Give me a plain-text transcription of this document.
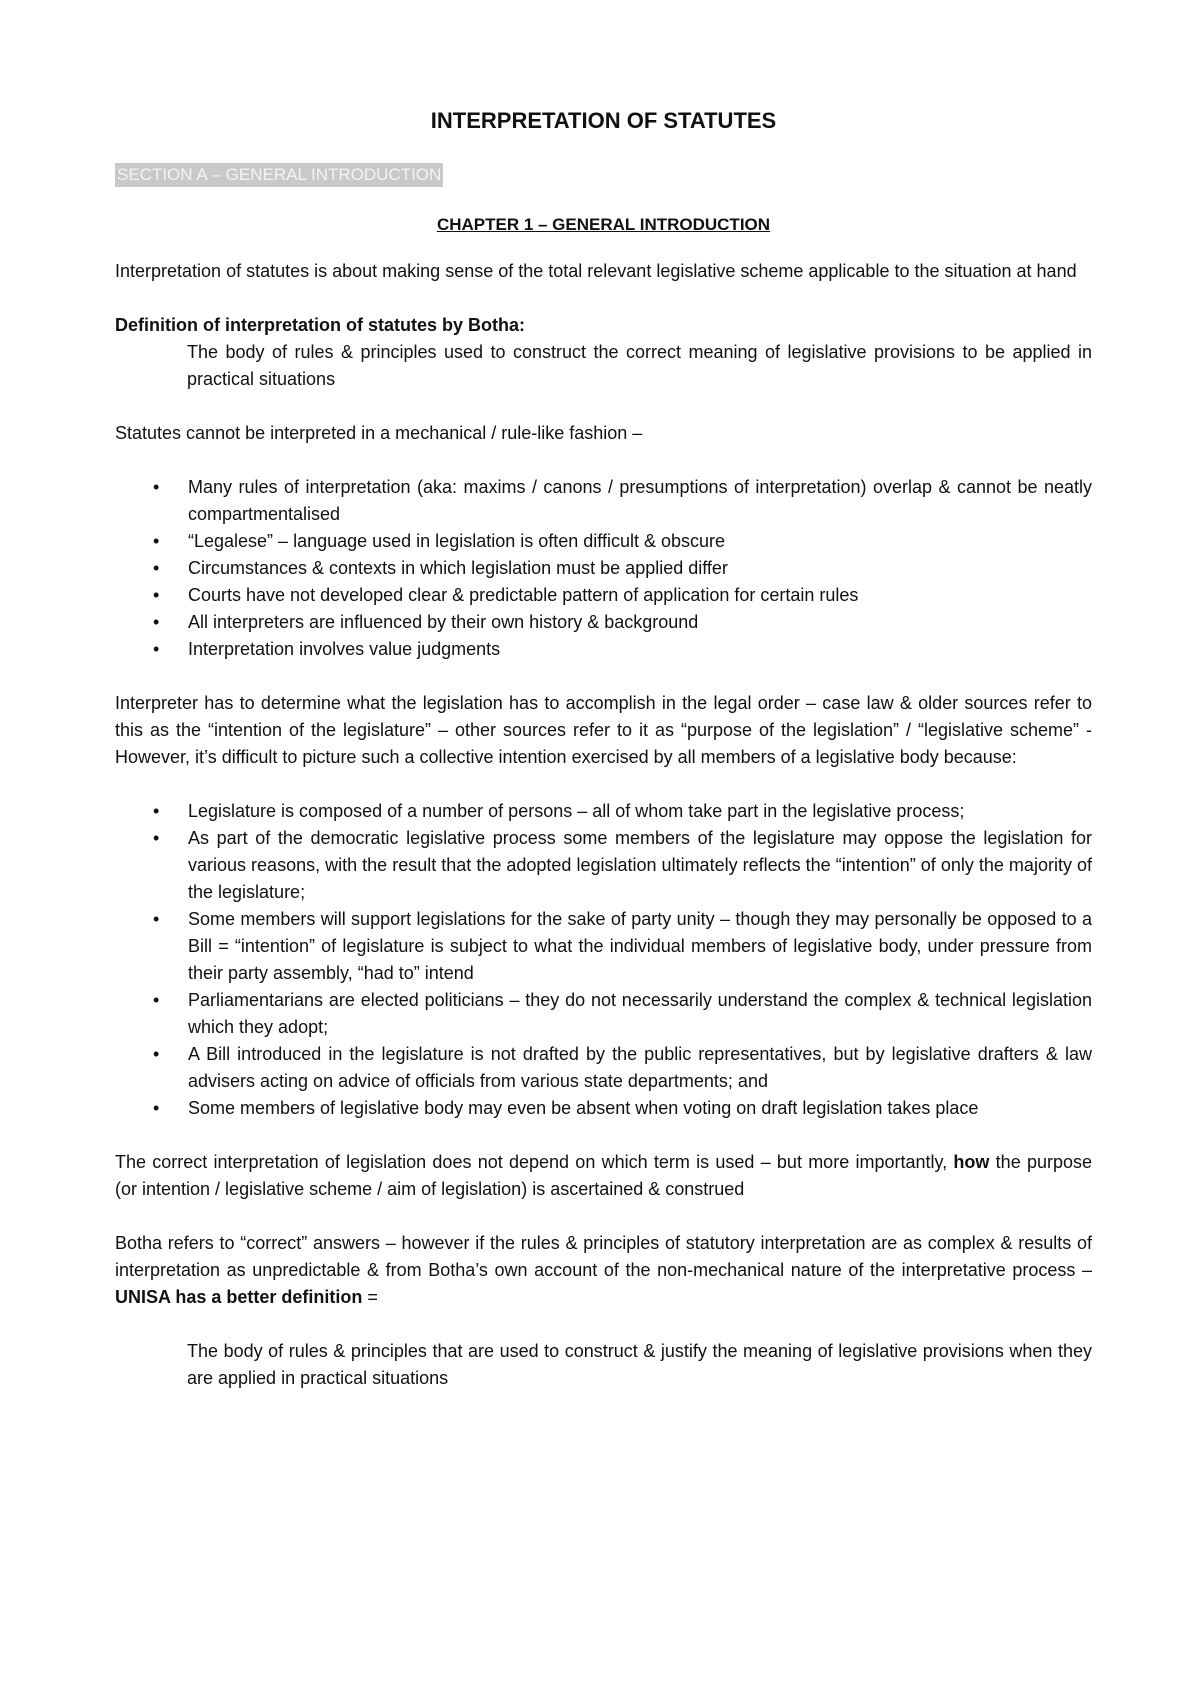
INTERPRETATION OF STATUTES
SECTION A – GENERAL INTRODUCTION
CHAPTER 1 – GENERAL INTRODUCTION

Interpretation of statutes is about making sense of the total relevant legislative scheme applicable to the situation at hand

Definition of interpretation of statutes by Botha:

The body of rules & principles used to construct the correct meaning of legislative provisions to be applied in practical situations

Statutes cannot be interpreted in a mechanical / rule-like fashion –

• Many rules of interpretation (aka: maxims / canons / presumptions of interpretation) overlap & cannot be neatly compartmentalised
• “Legalese” – language used in legislation is often difficult & obscure
• Circumstances & contexts in which legislation must be applied differ
• Courts have not developed clear & predictable pattern of application for certain rules
• All interpreters are influenced by their own history & background
• Interpretation involves value judgments

Interpreter has to determine what the legislation has to accomplish in the legal order – case law & older sources refer to this as the “intention of the legislature” – other sources refer to it as “purpose of the legislation” / “legislative scheme” - However, it’s difficult to picture such a collective intention exercised by all members of a legislative body because:

• Legislature is composed of a number of persons – all of whom take part in the legislative process;
• As part of the democratic legislative process some members of the legislature may oppose the legislation for various reasons, with the result that the adopted legislation ultimately reflects the “intention” of only the majority of the legislature;
• Some members will support legislations for the sake of party unity – though they may personally be opposed to a Bill = “intention” of legislature is subject to what the individual members of legislative body, under pressure from their party assembly, “had to” intend
• Parliamentarians are elected politicians – they do not necessarily understand the complex & technical legislation which they adopt;
• A Bill introduced in the legislature is not drafted by the public representatives, but by legislative drafters & law advisers acting on advice of officials from various state departments; and
• Some members of legislative body may even be absent when voting on draft legislation takes place

The correct interpretation of legislation does not depend on which term is used – but more importantly, how the purpose (or intention / legislative scheme / aim of legislation) is ascertained & construed

Botha refers to “correct” answers – however if the rules & principles of statutory interpretation are as complex & results of interpretation as unpredictable & from Botha’s own account of the non-mechanical nature of the interpretative process – UNISA has a better definition =

The body of rules & principles that are used to construct & justify the meaning of legislative provisions when they are applied in practical situations
